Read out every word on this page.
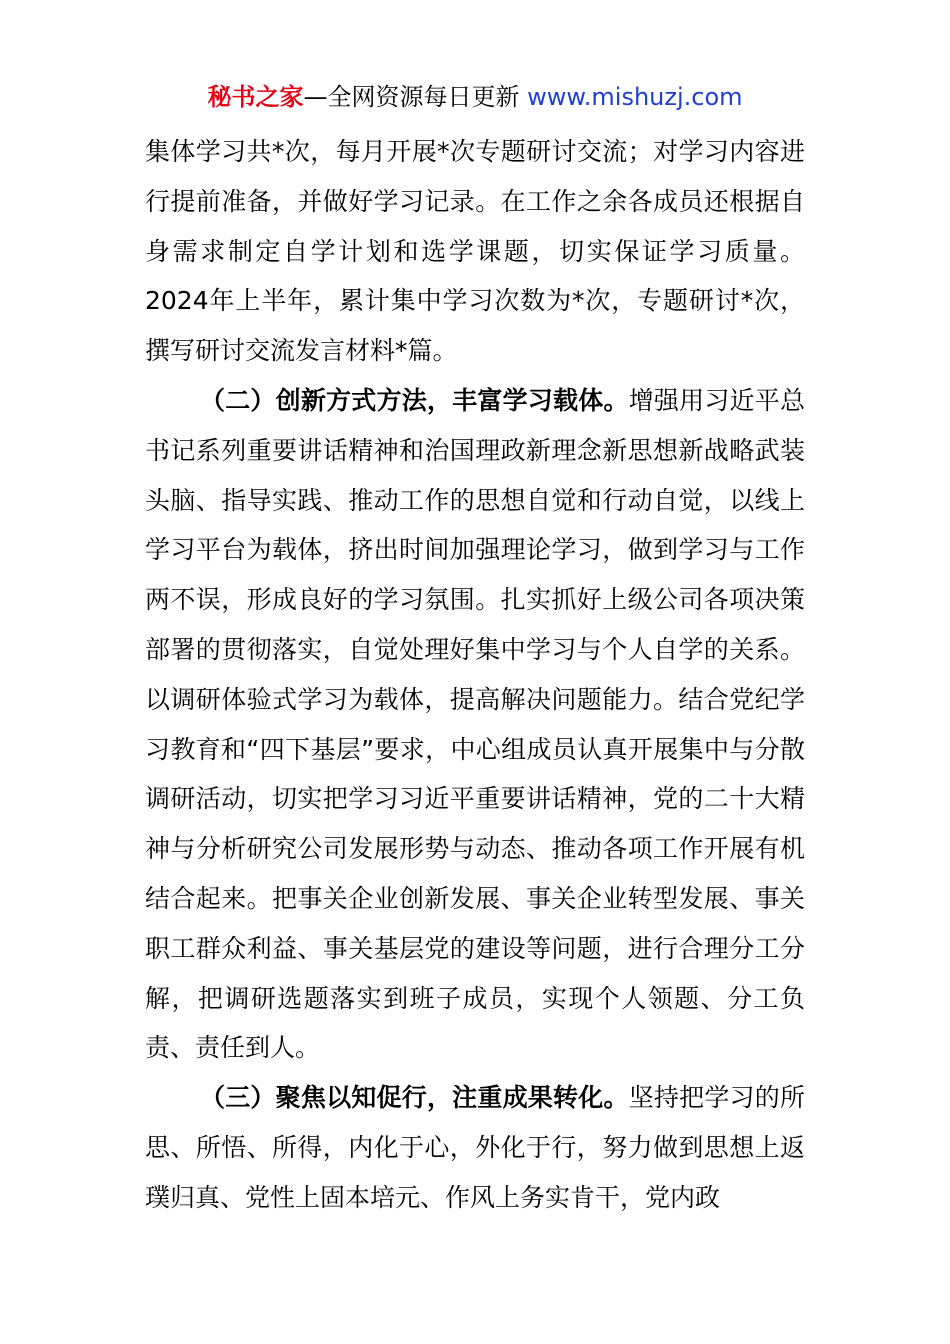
秘书之家—全网资源每日更新 www.mishuzj.com

集体学习共*次，每月开展*次专题研讨交流；对学习内容进行提前准备，并做好学习记录。在工作之余各成员还根据自身需求制定自学计划和选学课题，切实保证学习质量。2024年上半年，累计集中学习次数为*次，专题研讨*次，撰写研讨交流发言材料*篇。

（二）创新方式方法，丰富学习载体。增强用习近平总书记系列重要讲话精神和治国理政新理念新思想新战略武装头脑、指导实践、推动工作的思想自觉和行动自觉，以线上学习平台为载体，挤出时间加强理论学习，做到学习与工作两不误，形成良好的学习氛围。扎实抓好上级公司各项决策部署的贯彻落实，自觉处理好集中学习与个人自学的关系。以调研体验式学习为载体，提高解决问题能力。结合党纪学习教育和“四下基层”要求，中心组成员认真开展集中与分散调研活动，切实把学习习近平重要讲话精神，党的二十大精神与分析研究公司发展形势与动态、推动各项工作开展有机结合起来。把事关企业创新发展、事关企业转型发展、事关职工群众利益、事关基层党的建设等问题，进行合理分工分解，把调研选题落实到班子成员，实现个人领题、分工负责、责任到人。

（三）聚焦以知促行，注重成果转化。坚持把学习的所思、所悟、所得，内化于心，外化于行，努力做到思想上返璞归真、党性上固本培元、作风上务实肯干，党内政
